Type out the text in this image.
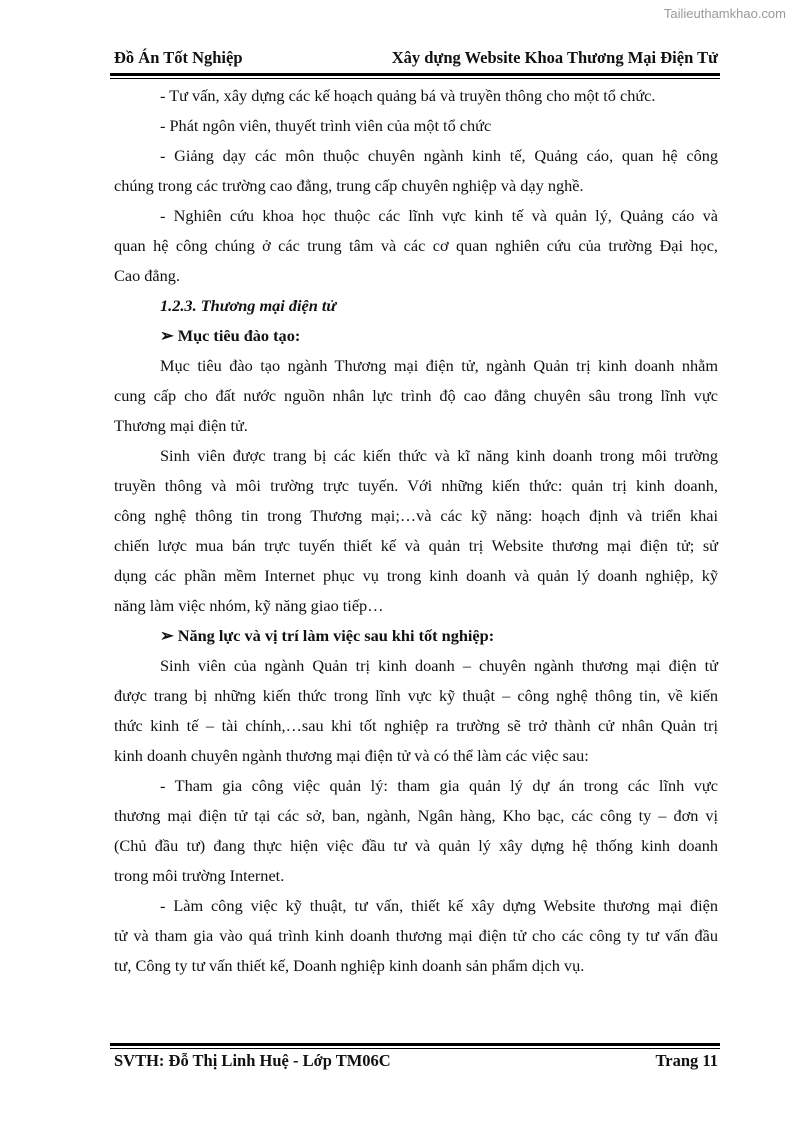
Tailieuthamkhao.com
Đồ Án Tốt Nghiệp	Xây dựng Website Khoa Thương Mại Điện Tử
- Tư vấn, xây dựng các kế hoạch quảng bá và truyền thông cho một tổ chức.
- Phát ngôn viên, thuyết trình viên của một tổ chức
- Giảng dạy các môn thuộc chuyên ngành kinh tế, Quảng cáo, quan hệ công
chúng trong các trường cao đẳng, trung cấp chuyên nghiệp và dạy nghề.
- Nghiên cứu khoa học thuộc các lĩnh vực kinh tế và quản lý, Quảng cáo và
quan hệ công chúng ở các trung tâm và các cơ quan nghiên cứu của trường Đại học,
Cao đẳng.
1.2.3. Thương mại điện tử
➢ Mục tiêu đào tạo:
Mục tiêu đào tạo ngành Thương mại điện tử, ngành Quản trị kinh doanh nhằm
cung cấp cho đất nước nguồn nhân lực trình độ cao đẳng chuyên sâu trong lĩnh vực
Thương mại điện tử.
Sinh viên được trang bị các kiến thức và kĩ năng kinh doanh trong môi trường
truyền thông và môi trường trực tuyến. Với những kiến thức: quản trị kinh doanh,
công nghệ thông tin trong Thương mại;…và các kỹ năng: hoạch định và triển khai
chiến lược mua bán trực tuyến thiết kế và quản trị Website thương mại điện tử; sử
dụng các phần mềm Internet phục vụ trong kinh doanh và quản lý doanh nghiệp, kỹ
năng làm việc nhóm, kỹ năng giao tiếp…
➢ Năng lực và vị trí làm việc sau khi tốt nghiệp:
Sinh viên của ngành Quản trị kinh doanh – chuyên ngành thương mại điện tử
được trang bị những kiến thức trong lĩnh vực kỹ thuật – công nghệ thông tin, về kiến
thức kinh tế – tài chính,…sau khi tốt nghiệp ra trường sẽ trở thành cử nhân Quản trị
kinh doanh chuyên ngành thương mại điện tử và có thể làm các việc sau:
- Tham gia công việc quản lý: tham gia quản lý dự án trong các lĩnh vực
thương mại điện tử tại các sở, ban, ngành, Ngân hàng, Kho bạc, các công ty – đơn vị
(Chủ đầu tư) đang thực hiện việc đầu tư và quản lý xây dựng hệ thống kinh doanh
trong môi trường Internet.
- Làm công việc kỹ thuật, tư vấn, thiết kế xây dựng Website thương mại điện
tử và tham gia vào quá trình kinh doanh thương mại điện tử cho các công ty tư vấn đầu
tư, Công ty tư vấn thiết kế, Doanh nghiệp kinh doanh sản phẩm dịch vụ.
SVTH: Đỗ Thị Linh Huệ - Lớp TM06C	Trang 11
